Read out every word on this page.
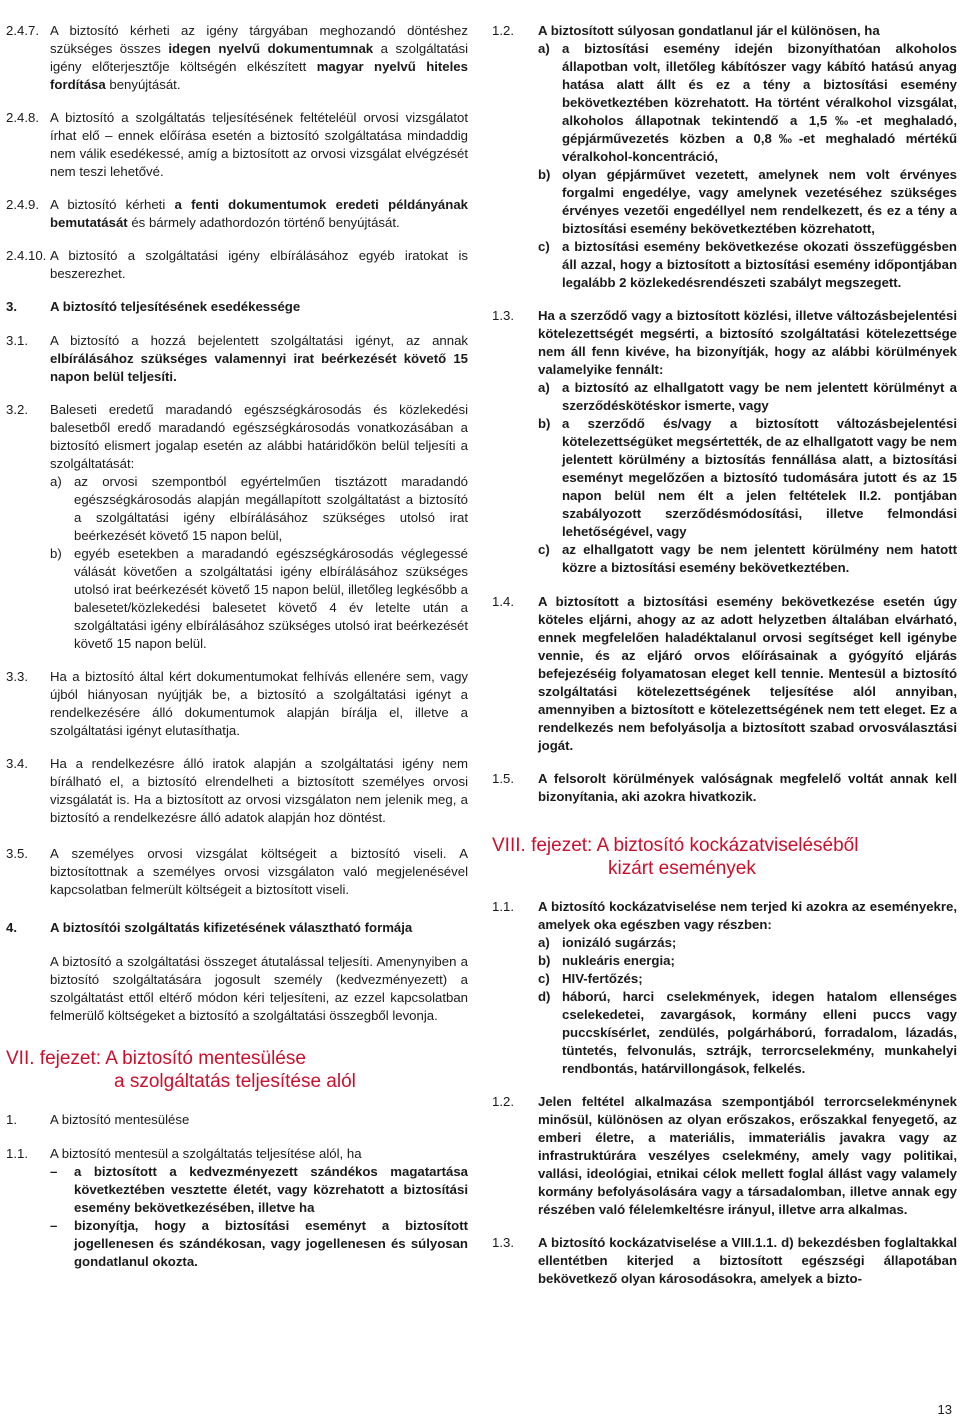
2.4.7. A biztosító kérheti az igény tárgyában meghozandó döntéshez szükséges összes idegen nyelvű dokumentumnak a szolgáltatási igény előterjesztője költségén elkészített magyar nyelvű hiteles fordítása benyújtását.

2.4.8. A biztosító a szolgáltatás teljesítésének feltételéül orvosi vizsgálatot írhat elő – ennek előírása esetén a biztosító szolgáltatása mindaddig nem válik esedékessé, amíg a biztosított az orvosi vizsgálat elvégzését nem teszi lehetővé.

2.4.9. A biztosító kérheti a fenti dokumentumok eredeti példányának bemutatását és bármely adathordozón történő benyújtását.

2.4.10. A biztosító a szolgáltatási igény elbírálásához egyéb iratokat is beszerezhet.

3.	A biztosító teljesítésének esedékessége
3.1. A biztosító a hozzá bejelentett szolgáltatási igényt, az annak elbírálásához szükséges valamennyi irat beérkezését követő 15 napon belül teljesíti.

3.2. Baleseti eredetű maradandó egészségkárosodás és közlekedési balesetből eredő maradandó egészségkárosodás vonatkozásában a biztosító elismert jogalap esetén az alábbi határidőkön belül teljesíti a szolgáltatását:

a) az orvosi szempontból egyértelműen tisztázott maradandó egészségkárosodás alapján megállapított szolgáltatást a biztosító a szolgáltatási igény elbírálásához szükséges utolsó irat beérkezését követő 15 napon belül,

b) egyéb esetekben a maradandó egészségkárosodás véglegessé válását követően a szolgáltatási igény elbírálásához szükséges utolsó irat beérkezését követő 15 napon belül, illetőleg legkésőbb a balesetet/közlekedési balesetet követő 4 év letelte után a szolgáltatási igény elbírálásához szükséges utolsó irat beérkezését követő 15 napon belül.

3.3. Ha a biztosító által kért dokumentumokat felhívás ellenére sem, vagy újból hiányosan nyújtják be, a biztosító a szolgáltatási igényt a rendelkezésére álló dokumentumok alapján bírálja el, illetve a szolgáltatási igényt elutasíthatja.

3.4. Ha a rendelkezésre álló iratok alapján a szolgáltatási igény nem bírálható el, a biztosító elrendelheti a biztosított személyes orvosi vizsgálatát is. Ha a biztosított az orvosi vizsgálaton nem jelenik meg, a biztosító a rendelkezésre álló adatok alapján hoz döntést.

3.5. A személyes orvosi vizsgálat költségeit a biztosító viseli. A biztosítottnak a személyes orvosi vizsgálaton való megjelenésével kapcsolatban felmerült költségeit a biztosított viseli.

4.	A biztosítói szolgáltatás kifizetésének választható formája

A biztosító a szolgáltatási összeget átutalással teljesíti. Amenynyiben a biztosító szolgáltatására jogosult személy (kedvezményezett) a szolgáltatást ettől eltérő módon kéri teljesíteni, az ezzel kapcsolatban felmerülő költségeket a biztosító a szolgáltatási összegből levonja.

VII. fejezet: A biztosító mentesülése
a szolgáltatás teljesítése alól
1.	A biztosító mentesülése
1.1. A biztosító mentesül a szolgáltatás teljesítése alól, ha

– a biztosított a kedvezményezett szándékos magatartása következtében vesztette életét, vagy közrehatott a biztosítási esemény bekövetkezésében, illetve ha

– bizonyítja, hogy a biztosítási eseményt a biztosított jogellenesen és szándékosan, vagy jogellenesen és súlyosan gondatlanul okozta.

1.2. A biztosított súlyosan gondatlanul jár el különösen, ha

a) a biztosítási esemény idején bizonyíthatóan alkoholos állapotban volt, illetőleg kábítószer vagy kábító hatású anyag hatása alatt állt és ez a tény a biztosítási esemény bekövetkeztében közrehatott. Ha történt véralkohol vizsgálat, alkoholos állapotnak tekintendő a 1,5‰-et meghaladó, gépjárművezetés közben a 0,8‰-et meghaladó mértékű véralkohol-koncentráció,

b) olyan gépjárművet vezetett, amelynek nem volt érvényes forgalmi engedélye, vagy amelynek vezetéséhez szükséges érvényes vezetői engedéllyel nem rendelkezett, és ez a tény a biztosítási esemény bekövetkeztében közrehatott,

c) a biztosítási esemény bekövetkezése okozati összefüggésben áll azzal, hogy a biztosított a biztosítási esemény időpontjában legalább 2 közlekedésrendészeti szabályt megszegett.

1.3. Ha a szerződő vagy a biztosított közlési, illetve változásbejelentési kötelezettségét megsérti, a biztosító szolgáltatási kötelezettsége nem áll fenn kivéve, ha bizonyítják, hogy az alábbi körülmények valamelyike fennált:

a) a biztosító az elhallgatott vagy be nem jelentett körülményt a szerződéskötéskor ismerte, vagy

b) a szerződő és/vagy a biztosított változásbejelentési kötelezettségüket megsértették, de az elhallgatott vagy be nem jelentett körülmény a biztosítás fennállása alatt, a biztosítási eseményt megelőzően a biztosító tudomására jutott és az 15 napon belül nem élt a jelen feltételek II.2. pontjában szabályozott szerződésmódosítási, illetve felmondási lehetőségével, vagy

c) az elhallgatott vagy be nem jelentett körülmény nem hatott közre a biztosítási esemény bekövetkeztében.

1.4. A biztosított a biztosítási esemény bekövetkezése esetén úgy köteles eljárni, ahogy az az adott helyzetben általában elvárható, ennek megfelelően haladéktalanul orvosi segítséget kell igénybe vennie, és az eljáró orvos előírásainak a gyógyító eljárás befejezéséig folyamatosan eleget kell tennie. Mentesül a biztosító szolgáltatási kötelezettségének teljesítése alól annyiban, amennyiben a biztosított e kötelezettségének nem tett eleget. Ez a rendelkezés nem befolyásolja a biztosított szabad orvosválasztási jogát.

1.5. A felsorolt körülmények valóságnak megfelelő voltát annak kell bizonyítania, aki azokra hivatkozik.

VIII. fejezet: A biztosító kockázatviseléséből
kizárt események
1.1. A biztosító kockázatviselése nem terjed ki azokra az eseményekre, amelyek oka egészben vagy részben:

a) ionizáló sugárzás;

b) nukleáris energia;

c) HIV-fertőzés;

d) háború, harci cselekmények, idegen hatalom ellenséges cselekedetei, zavargások, kormány elleni puccs vagy puccskísérlet, zendülés, polgárháború, forradalom, lázadás, tüntetés, felvonulás, sztrájk, terrorcselekmény, munkahelyi rendbontás, határvillongások, felkelés.

1.2. Jelen feltétel alkalmazása szempontjából terrorcselekménynek minősül, különösen az olyan erőszakos, erőszakkal fenyegető, az emberi életre, a materiális, immateriális javakra vagy az infrastruktúrára veszélyes cselekmény, amely vagy politikai, vallási, ideológiai, etnikai célok mellett foglal állást vagy valamely kormány befolyásolására vagy a társadalomban, illetve annak egy részében való félelemkeltésre irányul, illetve arra alkalmas.

1.3. A biztosító kockázatviselése a VIII.1.1. d) bekezdésben foglaltakkal ellentétben kiterjed a biztosított egészségi állapotában bekövetkező olyan károsodásokra, amelyek a bizto-

13
